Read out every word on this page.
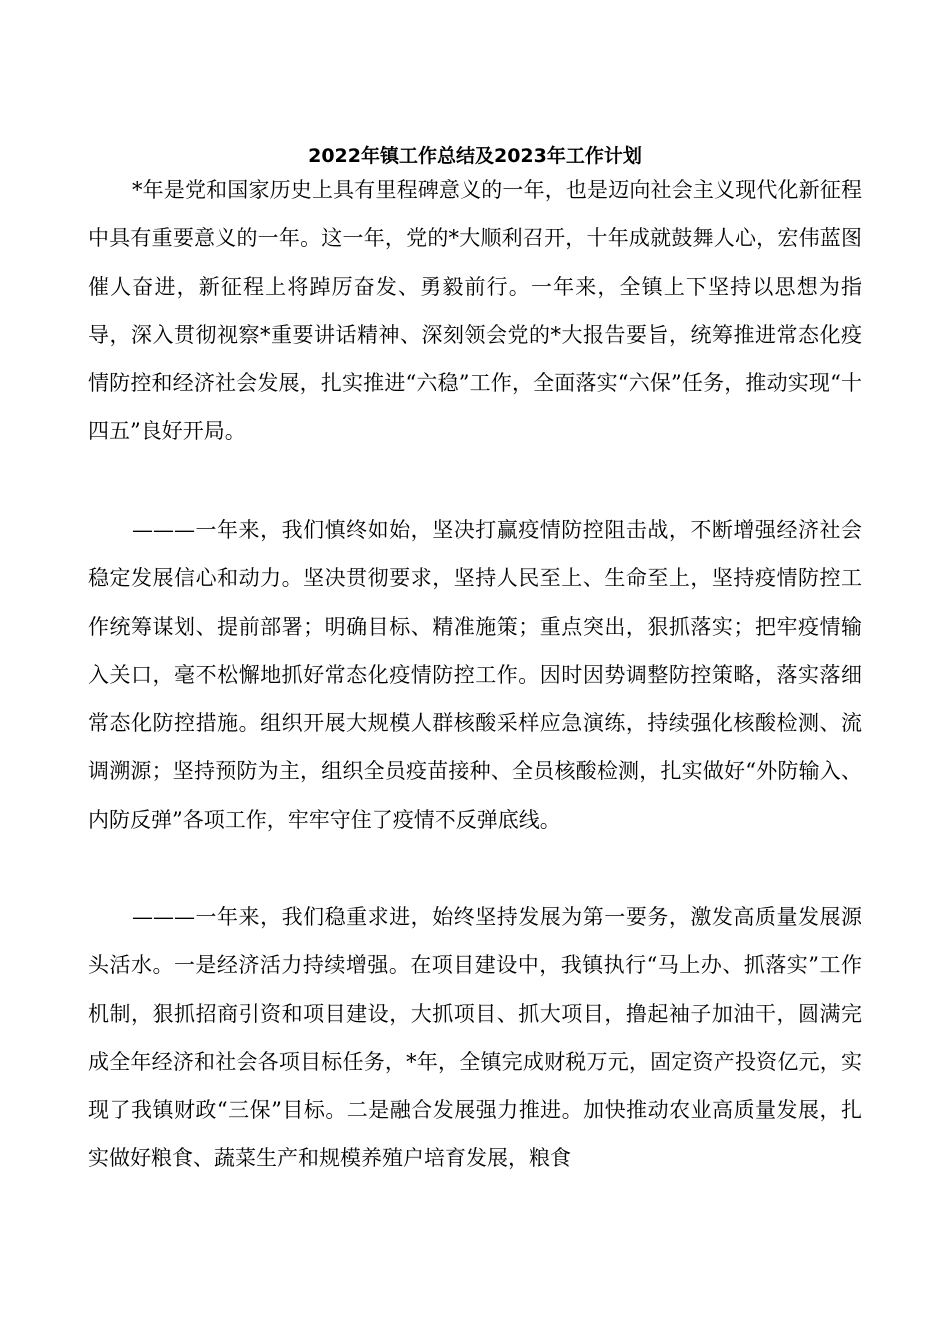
2022年镇工作总结及2023年工作计划

*年是党和国家历史上具有里程碑意义的一年，也是迈向社会主义现代化新征程中具有重要意义的一年。这一年，党的*大顺利召开，十年成就鼓舞人心，宏伟蓝图催人奋进，新征程上将踔厉奋发、勇毅前行。一年来，全镇上下坚持以思想为指导，深入贯彻视察*重要讲话精神、深刻领会党的*大报告要旨，统筹推进常态化疫情防控和经济社会发展，扎实推进“六稳”工作，全面落实“六保”任务，推动实现“十四五”良好开局。

———一年来，我们慎终如始，坚决打赢疫情防控阻击战，不断增强经济社会稳定发展信心和动力。坚决贯彻要求，坚持人民至上、生命至上，坚持疫情防控工作统筹谋划、提前部署；明确目标、精准施策；重点突出，狠抓落实；把牢疫情输入关口，毫不松懈地抓好常态化疫情防控工作。因时因势调整防控策略，落实落细常态化防控措施。组织开展大规模人群核酸采样应急演练，持续强化核酸检测、流调溯源；坚持预防为主，组织全员疫苗接种、全员核酸检测，扎实做好“外防输入、内防反弹”各项工作，牢牢守住了疫情不反弹底线。

———一年来，我们稳重求进，始终坚持发展为第一要务，激发高质量发展源头活水。一是经济活力持续增强。在项目建设中，我镇执行“马上办、抓落实”工作机制，狠抓招商引资和项目建设，大抓项目、抓大项目，撸起袖子加油干，圆满完成全年经济和社会各项目标任务，*年，全镇完成财税万元，固定资产投资亿元，实现了我镇财政“三保”目标。二是融合发展强力推进。加快推动农业高质量发展，扎实做好粮食、蔬菜生产和规模养殖户培育发展，粮食
